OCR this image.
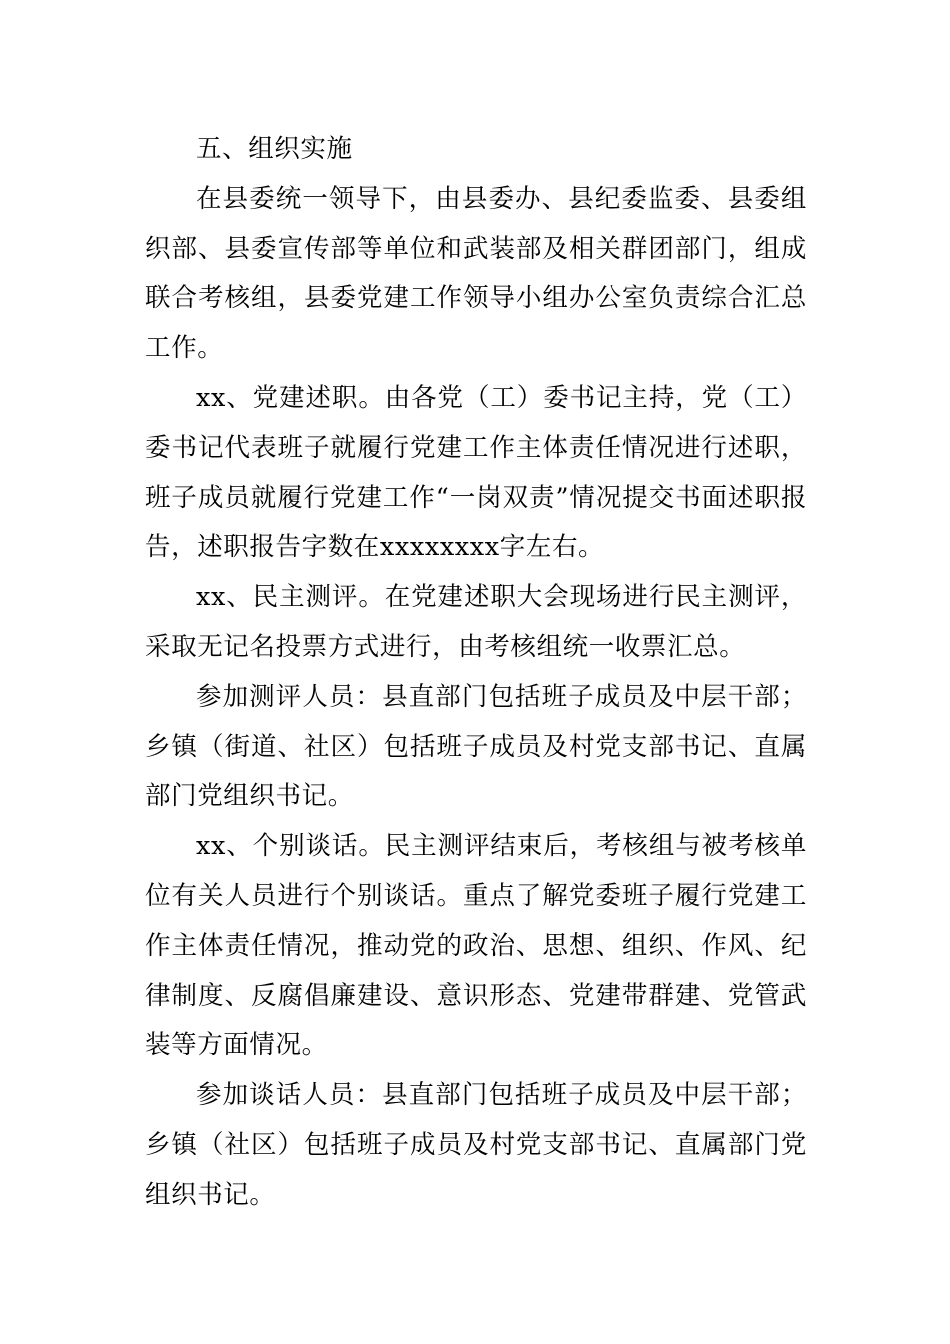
五、组织实施

在县委统一领导下，由县委办、县纪委监委、县委组织部、县委宣传部等单位和武装部及相关群团部门，组成联合考核组，县委党建工作领导小组办公室负责综合汇总工作。

xx、党建述职。由各党（工）委书记主持，党（工）委书记代表班子就履行党建工作主体责任情况进行述职，班子成员就履行党建工作“一岗双责”情况提交书面述职报告，述职报告字数在xxxxxxxx字左右。

xx、民主测评。在党建述职大会现场进行民主测评，采取无记名投票方式进行，由考核组统一收票汇总。

参加测评人员：县直部门包括班子成员及中层干部；乡镇（街道、社区）包括班子成员及村党支部书记、直属部门党组织书记。

xx、个别谈话。民主测评结束后，考核组与被考核单位有关人员进行个别谈话。重点了解党委班子履行党建工作主体责任情况，推动党的政治、思想、组织、作风、纪律制度、反腐倡廉建设、意识形态、党建带群建、党管武装等方面情况。

参加谈话人员：县直部门包括班子成员及中层干部；乡镇（社区）包括班子成员及村党支部书记、直属部门党组织书记。
